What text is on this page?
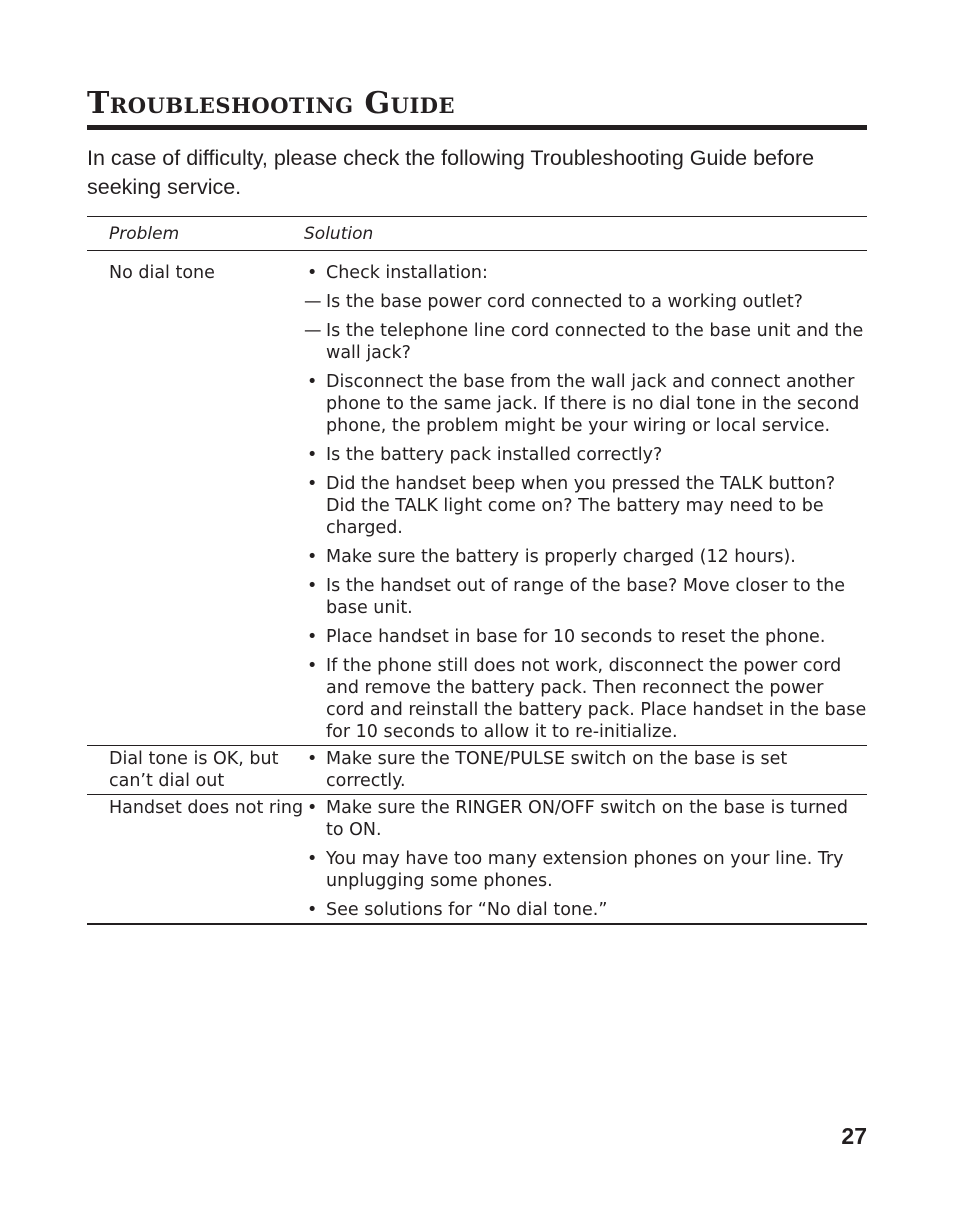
Troubleshooting Guide

In case of difficulty, please check the following Troubleshooting Guide before seeking service.

Problem	Solution
No dial tone	• Check installation:
— Is the base power cord connected to a working outlet?
— Is the telephone line cord connected to the base unit and the wall jack?
• Disconnect the base from the wall jack and connect another phone to the same jack. If there is no dial tone in the second phone, the problem might be your wiring or local service.
• Is the battery pack installed correctly?
• Did the handset beep when you pressed the TALK button? Did the TALK light come on? The battery may need to be charged.
• Make sure the battery is properly charged (12 hours).
• Is the handset out of range of the base? Move closer to the base unit.
• Place handset in base for 10 seconds to reset the phone.
• If the phone still does not work, disconnect the power cord and remove the battery pack. Then reconnect the power cord and reinstall the battery pack. Place handset in the base for 10 seconds to allow it to re-initialize.
Dial tone is OK, but can’t dial out
• Make sure the TONE/PULSE switch on the base is set correctly.
Handset does not ring • Make sure the RINGER ON/OFF switch on the base is turned to ON.
• You may have too many extension phones on your line. Try unplugging some phones.
• See solutions for “No dial tone.”
27
